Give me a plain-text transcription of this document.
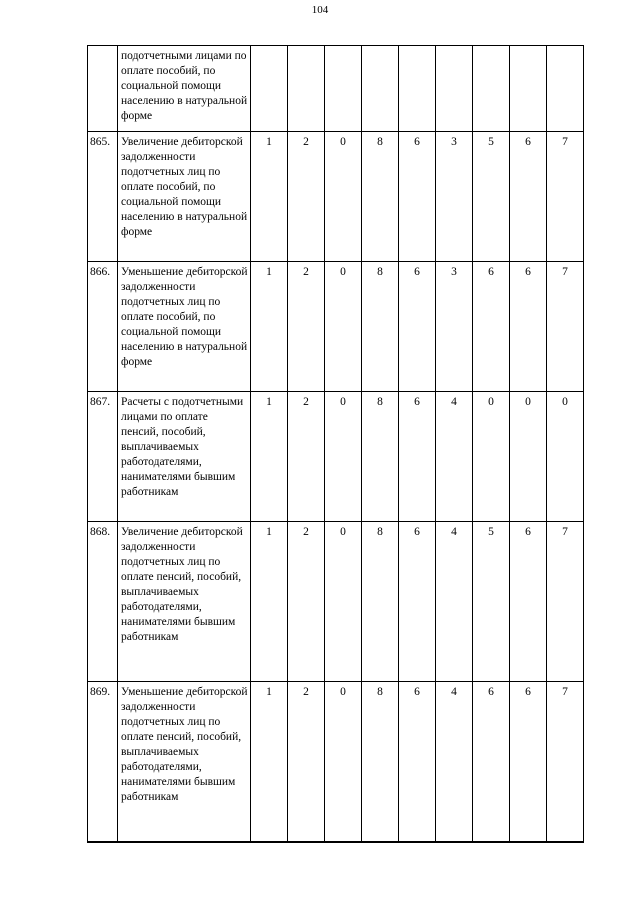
104
	подотчетными лицами по оплате пособий, по социальной помощи населению в натуральной форме									
865.	Увеличение дебиторской задолженности подотчетных лиц по оплате пособий, по социальной помощи населению в натуральной форме	1	2	0	8	6	3	5	6	7
866.	Уменьшение дебиторской задолженности подотчетных лиц по оплате пособий, по социальной помощи населению в натуральной форме	1	2	0	8	6	3	6	6	7
867.	Расчеты с подотчетными лицами по оплате пенсий, пособий, выплачиваемых работодателями, нанимателями бывшим работникам	1	2	0	8	6	4	0	0	0
868.	Увеличение дебиторской задолженности подотчетных лиц по оплате пенсий, пособий, выплачиваемых работодателями, нанимателями бывшим работникам	1	2	0	8	6	4	5	6	7
869.	Уменьшение дебиторской задолженности подотчетных лиц по оплате пенсий, пособий, выплачиваемых работодателями, нанимателями бывшим работникам	1	2	0	8	6	4	6	6	7
